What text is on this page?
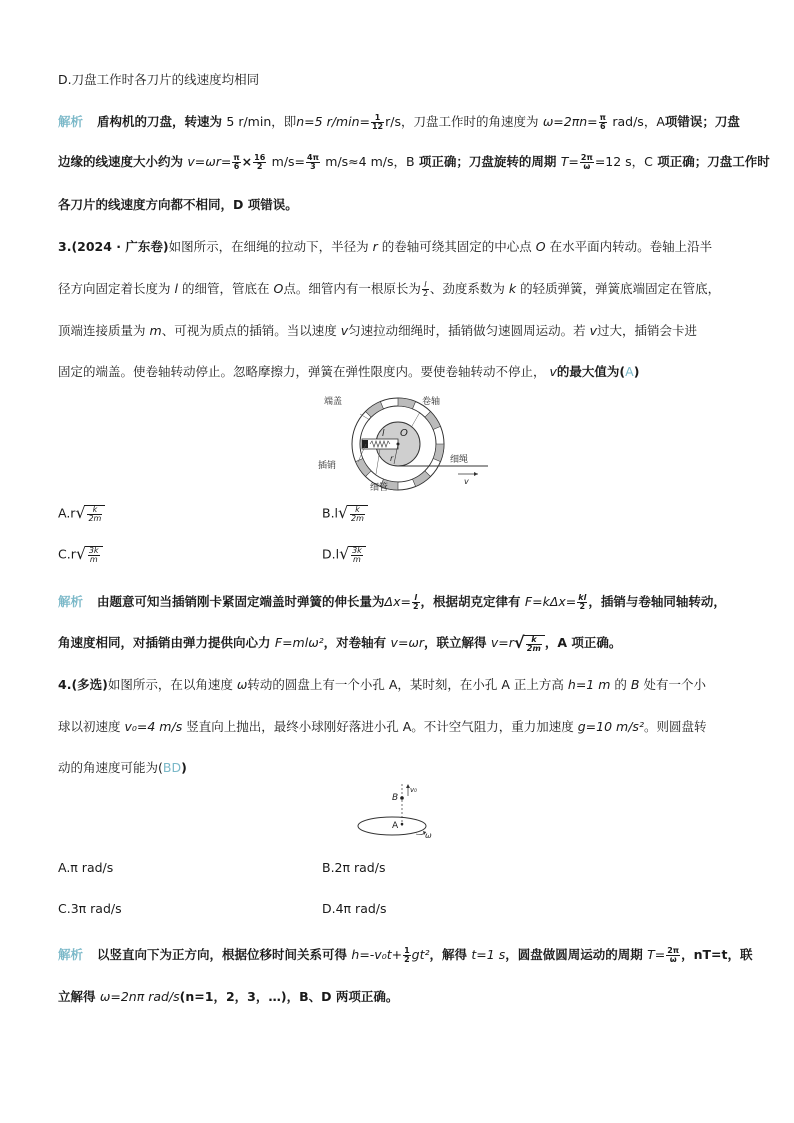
D.刀盘工作时各刀片的线速度均相同
解析 盾构机的刀盘，转速为 5 r/min，即n=5 $r/\min= \frac{1}{12} r/s$，刀盘工作时的角速度为 $\omega=2\pi n= \frac{\pi}{6} rad/s$，A项错误；刀盘
边缘的线速度大小约为 $v=\omega r= \frac{\pi}{6} \times \frac{16}{2} m/s= \frac{4\pi}{3} m/s\approx 4$ m/s，B 项正确；刀盘旋转的周期 $T= \frac{2\pi}{\omega} =12$ s，C 项正确；刀盘工作时
各刀片的线速度方向都不相同，D 项错误。
3.(2024 · 广东卷)如图所示，在细绳的拉动下，半径为 r 的卷轴可绕其固定的中心点 O 在水平面内转动。卷轴上沿半
径方向固定着长度为 l 的细管，管底在 O点。细管内有一根原长为 $\frac{l}{2}$ 、劲度系数为 k 的轻质弹簧，弹簧底端固定在管底，
顶端连接质量为 m、可视为质点的插销。当以速度 v匀速拉动细绳时，插销做匀速圆周运动。若 v过大，插销会卡进
固定的端盖。使卷轴转动停止。忽略摩擦力，弹簧在弹性限度内。要使卷轴转动不停止， v的最大值为(A)
端盖	卷轴
O
l
r	细绳
v
插销
细管
A.r √ $\frac{k}{2m}$	B.l √ $\frac{k}{2m}$
C.r √ $\frac{3k}{m}$	D.l √ $\frac{3k}{m}$
解析 由题意可知当插销刚卡紧固定端盖时弹簧的伸长量为$\Delta x= \frac{l}{2}$ ，根据胡克定律有 $F=k\Delta x= \frac{kl}{2}$ ，插销与卷轴同轴转动，
角速度相同，对插销由弹力提供向心力 F=mlω²，对卷轴有 v=ωr，联立解得 v=r √ $\frac{k}{2m}$ ，A 项正确。
4.(多选)如图所示，在以角速度 ω转动的圆盘上有一个小孔 A，某时刻，在小孔 A 正上方高 h=1 m 的 B 处有一个小
球以初速度 v₀=4 m/s 竖直向上抛出，最终小球刚好落进小孔 A。不计空气阻力，重力加速度 g=10 m/s²。则圆盘转
动的角速度可能为(BD)
B
v₀
A
ω
A.π rad/s	B.2π rad/s
C.3π rad/s	D.4π rad/s
解析 以竖直向下为正方向，根据位移时间关系可得 $h=-v_0t+ \frac{1}{2} gt^2$，解得 t=1 s，圆盘做圆周运动的周期 $T= \frac{2\pi}{\omega}$ ，nT=t，联
立解得 ω=2nπ rad/s(n=1，2，3，…)，B、D 两项正确。
